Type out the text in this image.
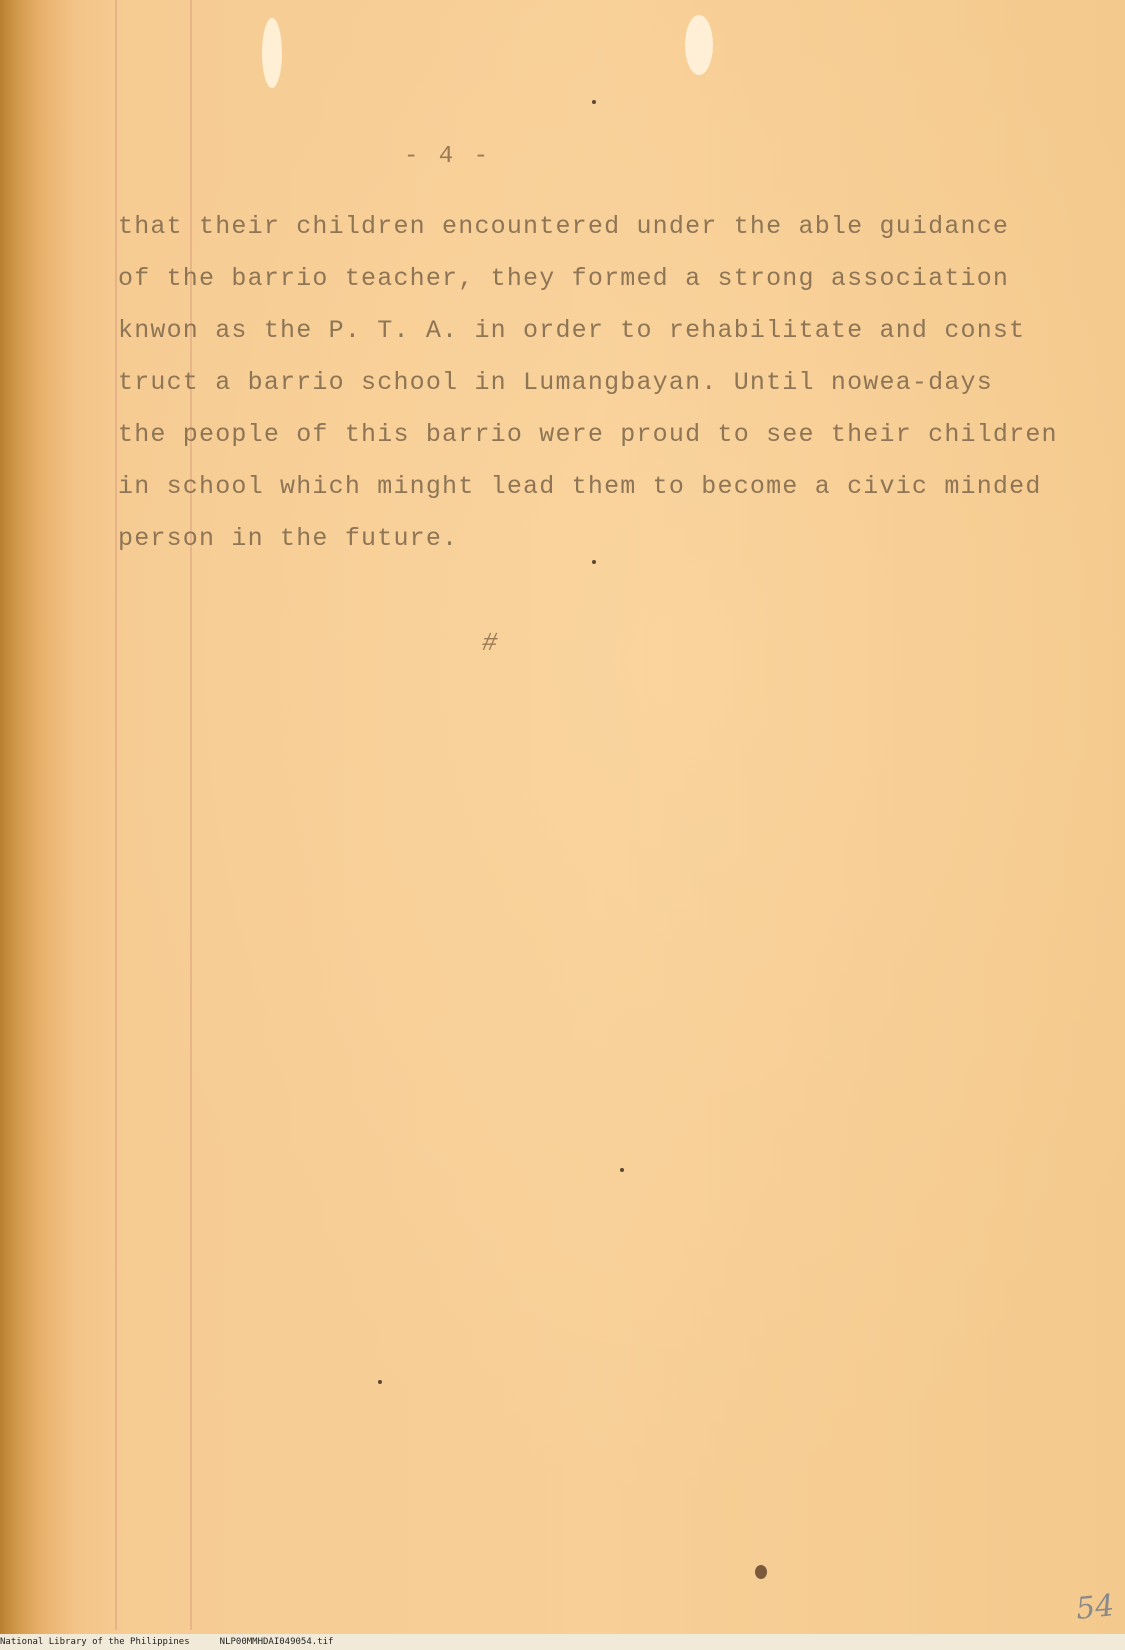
- 4 -
that their children encountered under the able guidance
of the barrio teacher, they formed a strong association
knwon as the P. T. A. in order to rehabilitate and const
truct a barrio school in Lumangbayan. Until nowea-days
the people of this barrio were proud to see their children
in school which minght lead them to become a civic minded
person in the future.
#
54
National Library of the Philippines	NLP00MMHDAI049054.tif
